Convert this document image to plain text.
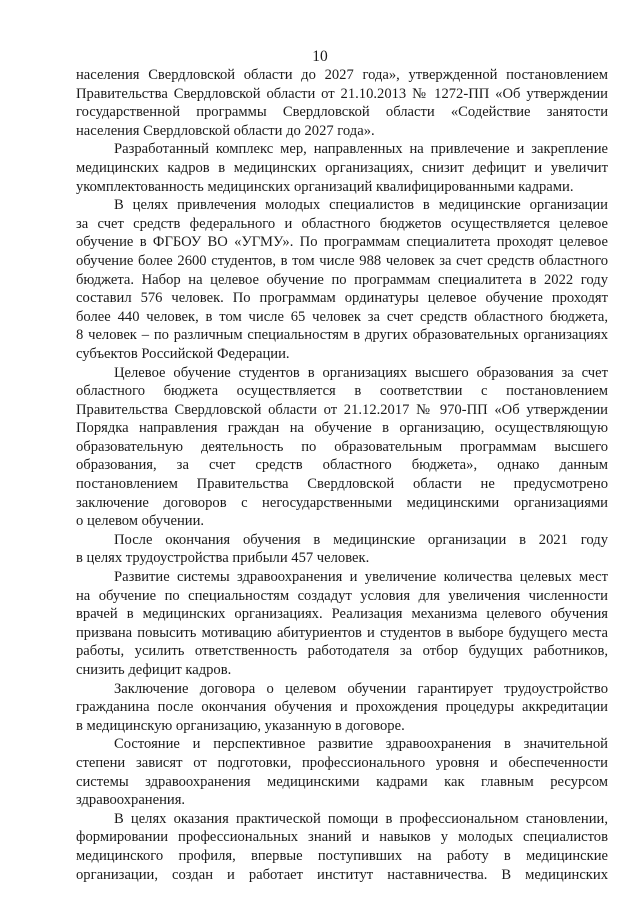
10
населения Свердловской области до 2027 года», утвержденной постановлением
Правительства Свердловской области от 21.10.2013 № 1272-ПП «Об утверждении
государственной программы Свердловской области «Содействие занятости
населения Свердловской области до 2027 года».
Разработанный комплекс мер, направленных на привлечение и закрепление
медицинских кадров в медицинских организациях, снизит дефицит и увеличит
укомплектованность медицинских организаций квалифицированными кадрами.
В целях привлечения молодых специалистов в медицинские организации
за счет средств федерального и областного бюджетов осуществляется целевое
обучение в ФГБОУ ВО «УГМУ». По программам специалитета проходят целевое
обучение более 2600 студентов, в том числе 988 человек за счет средств областного
бюджета. Набор на целевое обучение по программам специалитета в 2022 году
составил 576 человек. По программам ординатуры целевое обучение проходят
более 440 человек, в том числе 65 человек за счет средств областного бюджета,
8 человек – по различным специальностям в других образовательных организациях
субъектов Российской Федерации.
Целевое обучение студентов в организациях высшего образования за счет
областного бюджета осуществляется в соответствии с постановлением
Правительства Свердловской области от 21.12.2017 № 970-ПП «Об утверждении
Порядка направления граждан на обучение в организацию, осуществляющую
образовательную деятельность по образовательным программам высшего
образования, за счет средств областного бюджета», однако данным
постановлением Правительства Свердловской области не предусмотрено
заключение договоров с негосударственными медицинскими организациями
о целевом обучении.
После окончания обучения в медицинские организации в 2021 году
в целях трудоустройства прибыли 457 человек.
Развитие системы здравоохранения и увеличение количества целевых мест
на обучение по специальностям создадут условия для увеличения численности
врачей в медицинских организациях. Реализация механизма целевого обучения
призвана повысить мотивацию абитуриентов и студентов в выборе будущего места
работы, усилить ответственность работодателя за отбор будущих работников,
снизить дефицит кадров.
Заключение договора о целевом обучении гарантирует трудоустройство
гражданина после окончания обучения и прохождения процедуры аккредитации
в медицинскую организацию, указанную в договоре.
Состояние и перспективное развитие здравоохранения в значительной
степени зависят от подготовки, профессионального уровня и обеспеченности
системы здравоохранения медицинскими кадрами как главным ресурсом
здравоохранения.
В целях оказания практической помощи в профессиональном становлении,
формировании профессиональных знаний и навыков у молодых специалистов
медицинского профиля, впервые поступивших на работу в медицинские
организации, создан и работает институт наставничества. В медицинских
